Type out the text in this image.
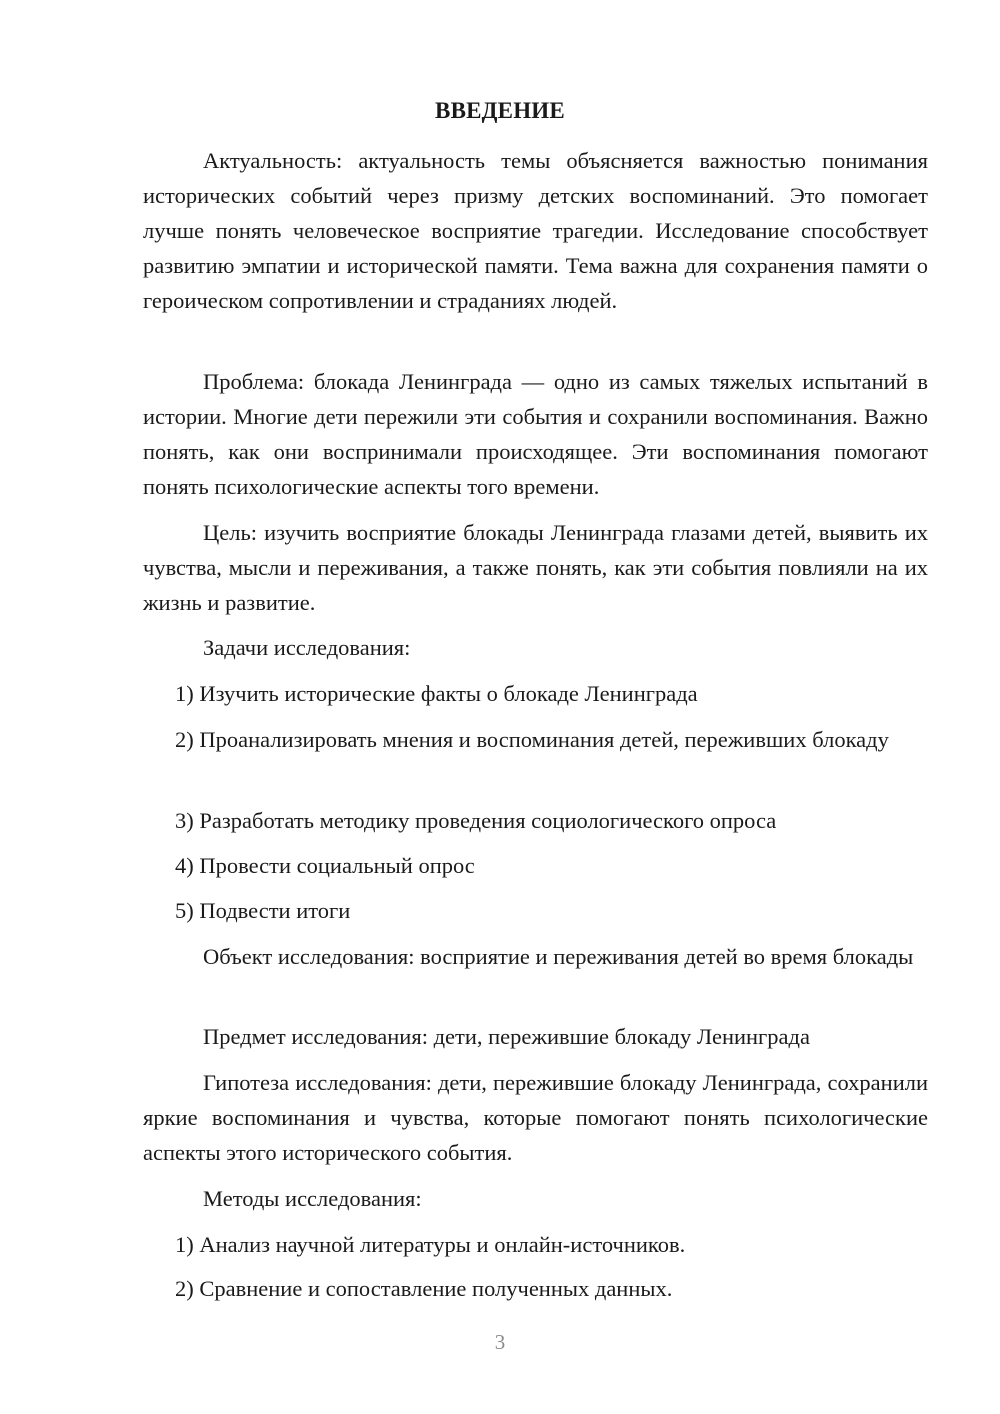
ВВЕДЕНИЕ

Актуальность: актуальность темы объясняется важностью понимания исторических событий через призму детских воспоминаний. Это помогает лучше понять человеческое восприятие трагедии. Исследование способствует развитию эмпатии и исторической памяти. Тема важна для сохранения памяти о героическом сопротивлении и страданиях людей.

Проблема: блокада Ленинграда — одно из самых тяжелых испытаний в истории. Многие дети пережили эти события и сохранили воспоминания. Важно понять, как они воспринимали происходящее. Эти воспоминания помогают понять психологические аспекты того времени.

Цель: изучить восприятие блокады Ленинграда глазами детей, выявить их чувства, мысли и переживания, а также понять, как эти события повлияли на их жизнь и развитие.

Задачи исследования:

1) Изучить исторические факты о блокаде Ленинграда

2) Проанализировать мнения и воспоминания детей, переживших блокаду

3) Разработать методику проведения социологического опроса

4) Провести социальный опрос

5) Подвести итоги

Объект исследования: восприятие и переживания детей во время блокады

Предмет исследования: дети, пережившие блокаду Ленинграда

Гипотеза исследования: дети, пережившие блокаду Ленинграда, сохранили яркие воспоминания и чувства, которые помогают понять психологические аспекты этого исторического события.

Методы исследования:

1) Анализ научной литературы и онлайн-источников.

2) Сравнение и сопоставление полученных данных.

3
